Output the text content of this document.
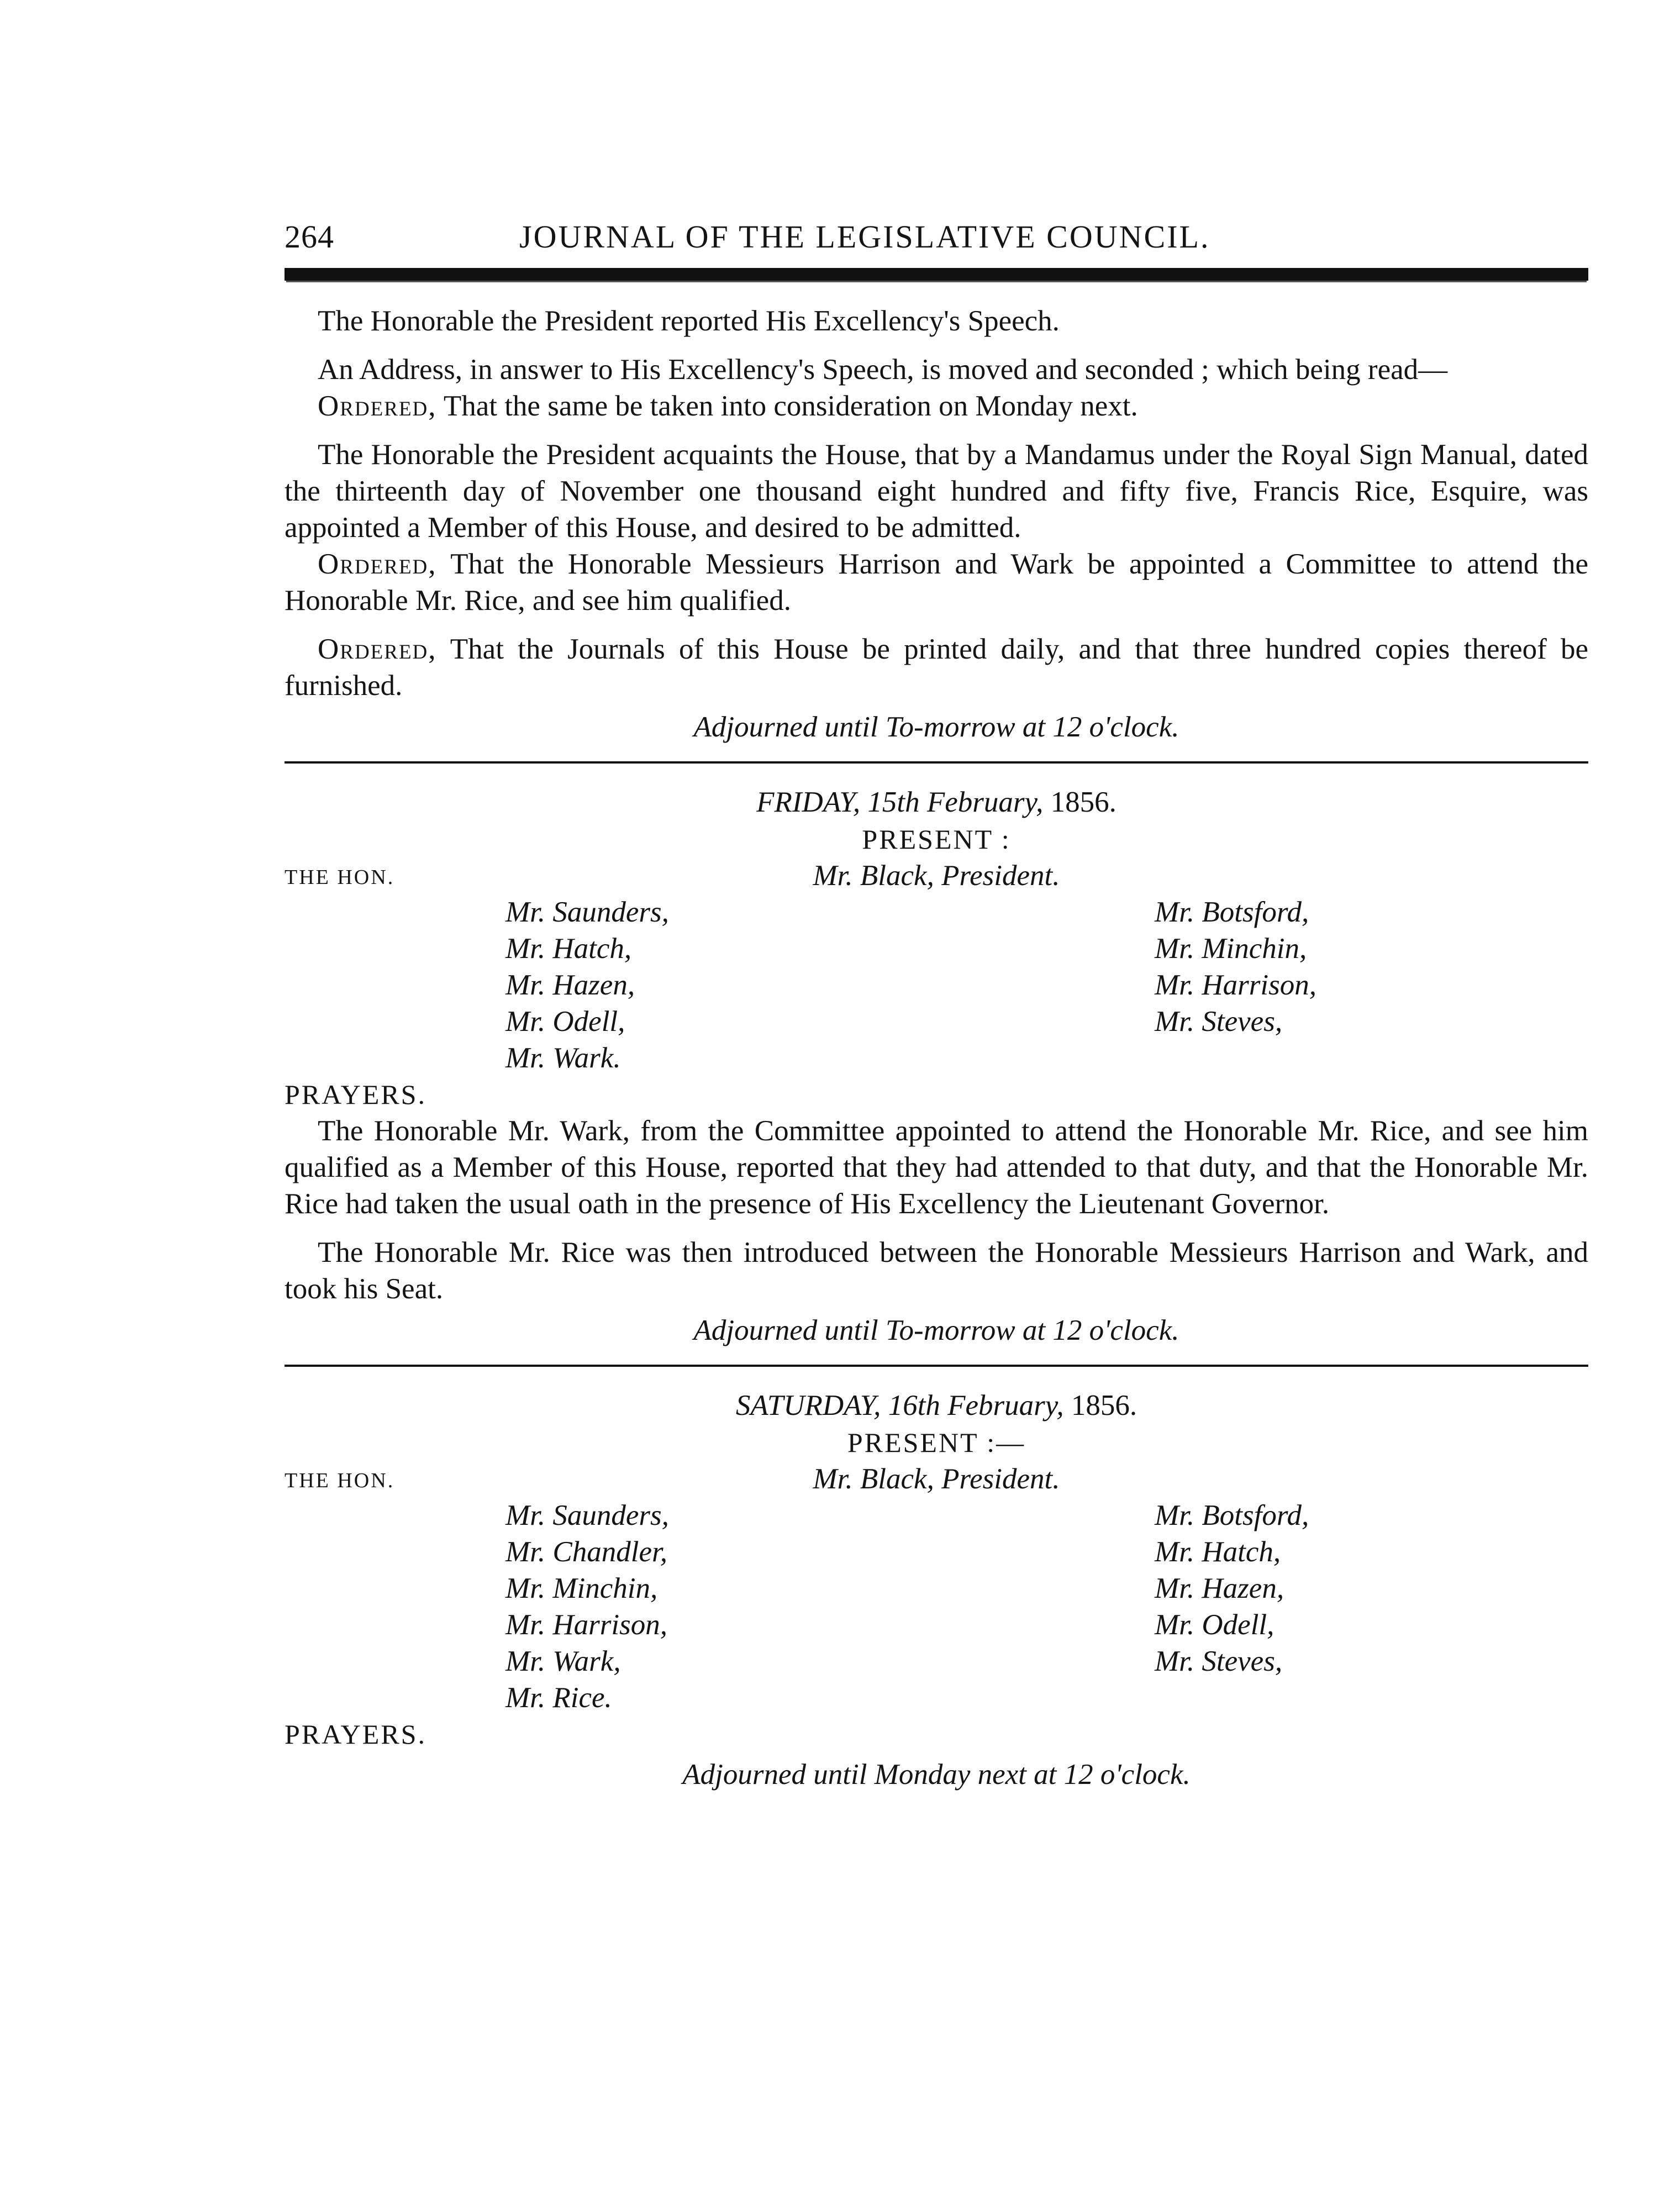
264	JOURNAL OF THE LEGISLATIVE COUNCIL.

The Honorable the President reported His Excellency's Speech.

An Address, in answer to His Excellency's Speech, is moved and seconded ; which being read—

Ordered, That the same be taken into consideration on Monday next.

The Honorable the President acquaints the House, that by a Mandamus under the Royal Sign Manual, dated the thirteenth day of November one thousand eight hundred and fifty five, Francis Rice, Esquire, was appointed a Member of this House, and desired to be admitted.

Ordered, That the Honorable Messieurs Harrison and Wark be appointed a Committee to attend the Honorable Mr. Rice, and see him qualified.

Ordered, That the Journals of this House be printed daily, and that three hundred copies thereof be furnished.

Adjourned until To-morrow at 12 o'clock.
FRIDAY, 15th February, 1856.
PRESENT :
THE HON.	Mr. Black, President.
Mr. Saunders,
Mr. Hatch,
Mr. Hazen,
Mr. Odell,
Mr. Wark.
Mr. Botsford,
Mr. Minchin,
Mr. Harrison,
Mr. Steves,
PRAYERS.

The Honorable Mr. Wark, from the Committee appointed to attend the Honorable Mr. Rice, and see him qualified as a Member of this House, reported that they had attended to that duty, and that the Honorable Mr. Rice had taken the usual oath in the presence of His Excellency the Lieutenant Governor.

The Honorable Mr. Rice was then introduced between the Honorable Messieurs Harrison and Wark, and took his Seat.

Adjourned until To-morrow at 12 o'clock.
SATURDAY, 16th February, 1856.
PRESENT :—
THE HON.	Mr. Black, President.
Mr. Saunders,
Mr. Chandler,
Mr. Minchin,
Mr. Harrison,
Mr. Wark,
Mr. Rice.
Mr. Botsford,
Mr. Hatch,
Mr. Hazen,
Mr. Odell,
Mr. Steves,
PRAYERS.
Adjourned until Monday next at 12 o'clock.
